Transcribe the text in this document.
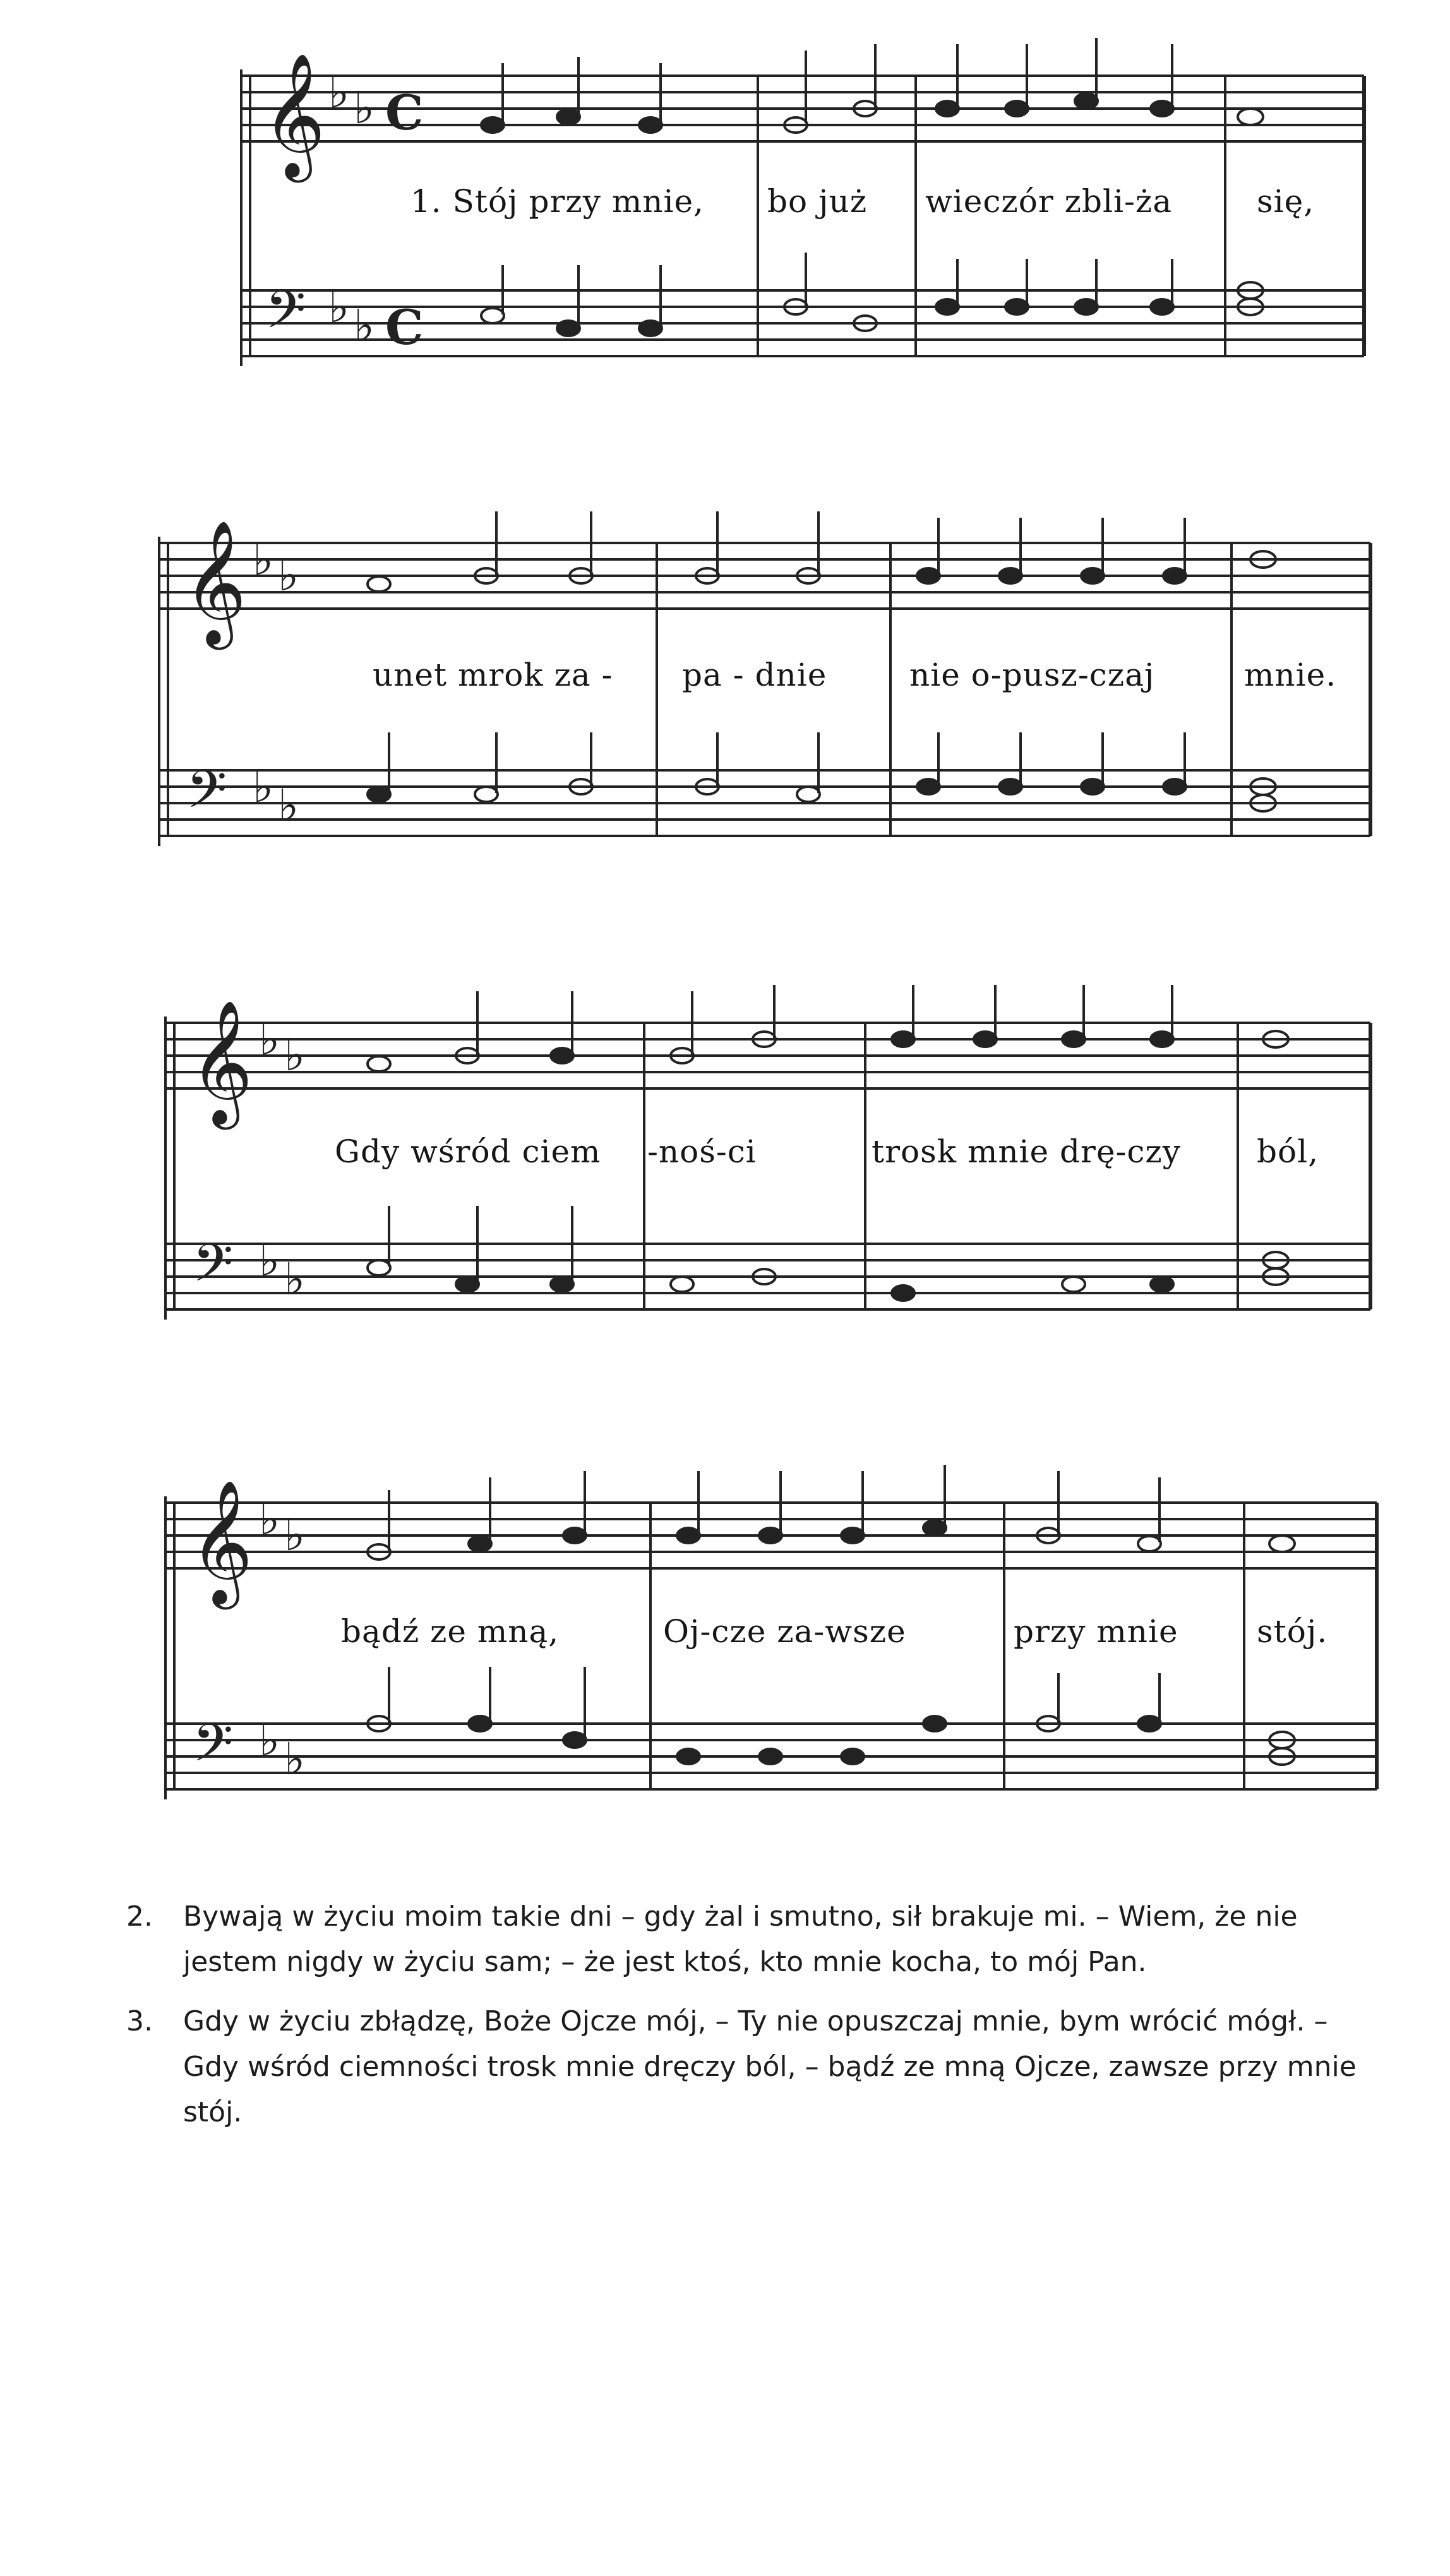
𝄞
𝄢
♭ ♭
♭ ♭
C
C
1. Stój przy mnie, bo już wieczór zbli-ża	się,
𝄞
𝄢
♭ ♭
♭ ♭
unet mrok za - pa - dnie	nie o-pusz-czaj	mnie.
𝄞
𝄢
♭ ♭
♭ ♭
Gdy wśród ciem -noś-ci	trosk mnie drę-czy ból,
𝄞
𝄢
♭ ♭
♭ ♭
bądź ze mną,	Oj-cze za-wsze	przy mnie stój.
2. Bywają w życiu moim takie dni – gdy żal i smutno, sił brakuje mi. – Wiem, że nie jestem nigdy w życiu sam; – że jest ktoś, kto mnie kocha, to mój Pan.
3. Gdy w życiu zbłądzę, Boże Ojcze mój, – Ty nie opuszczaj mnie, bym wrócić mógł. – Gdy wśród ciemności trosk mnie dręczy ból, – bądź ze mną Ojcze, zawsze przy mnie stój.
